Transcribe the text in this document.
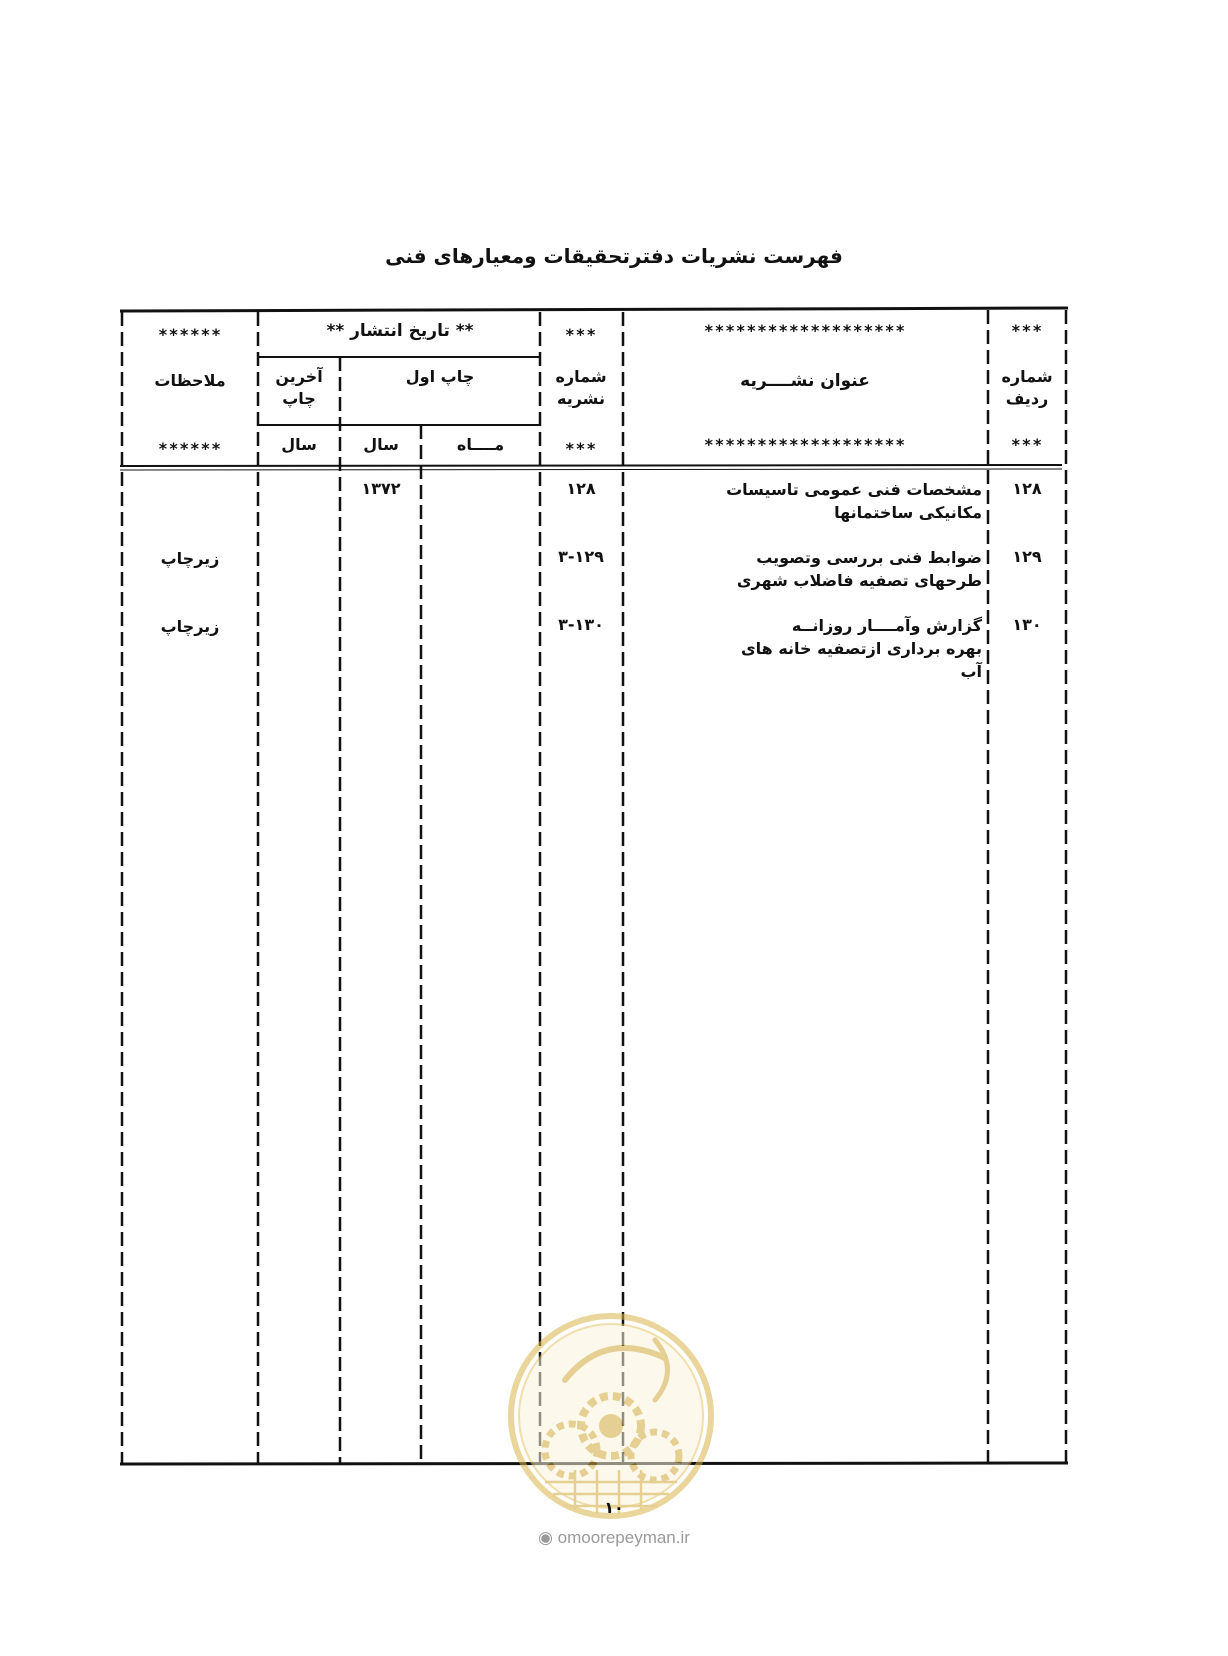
فهرست نشریات دفترتحقیقات ومعیارهای فنی
***
*******************
***
** تاریخ انتشار **
******
شماره ردیف
عنوان نشــــریه
شماره نشریه
چاپ اول
آخرین چاپ
ملاحظات
***
*******************
***
مــــاه
سال
سال
******
۱۲۸
مشخصات فنی عمومی تاسیسات
مکانیکی ساختمانها
۱۲۸
۱۳۷۲
۱۲۹
ضوابط فنی بررسی وتصویب
طرحهای تصفیه فاضلاب شهری
۳-۱۲۹
زیرچاپ
۱۳۰
گزارش وآمــــار روزانــه
بهره برداری ازتصفیه خانه های
آب
۳-۱۳۰
زیرچاپ
۱۰
◉ omoorepeyman.ir
